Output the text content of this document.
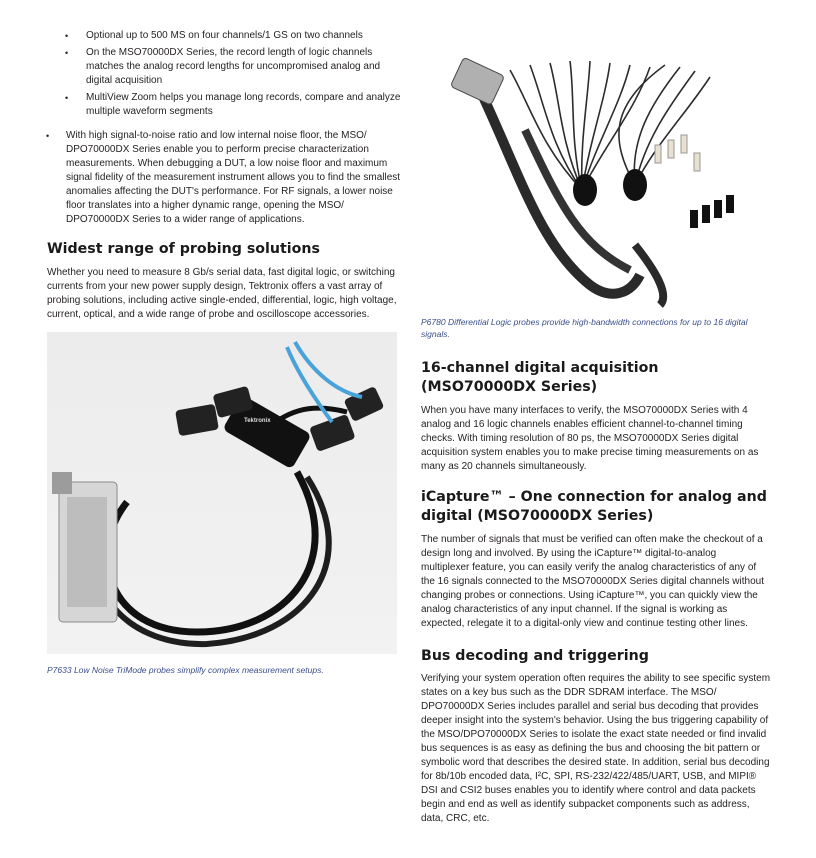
• Optional up to 500 MS on four channels/1 GS on two channels
• On the MSO70000DX Series, the record length of logic channels matches the analog record lengths for uncompromised analog and digital acquisition
• MultiView Zoom helps you manage long records, compare and analyze multiple waveform segments
• With high signal-to-noise ratio and low internal noise floor, the MSO/ DPO70000DX Series enable you to perform precise characterization measurements. When debugging a DUT, a low noise floor and maximum signal fidelity of the measurement instrument allows you to find the smallest anomalies affecting the DUT's performance. For RF signals, a lower noise floor translates into a higher dynamic range, opening the MSO/ DPO70000DX Series to a wider range of applications.
Widest range of probing solutions
Whether you need to measure 8 Gb/s serial data, fast digital logic, or switching currents from your new power supply design, Tektronix offers a vast array of probing solutions, including active single-ended, differential, logic, high voltage, current, optical, and a wide range of probe and oscilloscope accessories.
Tektronix
P7633 Low Noise TriMode probes simplify complex measurement setups.
P6780 Differential Logic probes provide high-bandwidth connections for up to 16 digital signals.
16-channel digital acquisition (MSO70000DX Series)
When you have many interfaces to verify, the MSO70000DX Series with 4 analog and 16 logic channels enables efficient channel-to-channel timing checks. With timing resolution of 80 ps, the MSO70000DX Series digital acquisition system enables you to make precise timing measurements on as many as 20 channels simultaneously.
iCapture™ – One connection for analog and digital (MSO70000DX Series)
The number of signals that must be verified can often make the checkout of a design long and involved. By using the iCapture™ digital-to-analog multiplexer feature, you can easily verify the analog characteristics of any of the 16 signals connected to the MSO70000DX Series digital channels without changing probes or connections. Using iCapture™, you can quickly view the analog characteristics of any input channel. If the signal is working as expected, relegate it to a digital-only view and continue testing other lines.
Bus decoding and triggering
Verifying your system operation often requires the ability to see specific system states on a key bus such as the DDR SDRAM interface. The MSO/ DPO70000DX Series includes parallel and serial bus decoding that provides deeper insight into the system's behavior. Using the bus triggering capability of the MSO/DPO70000DX Series to isolate the exact state needed or find invalid bus sequences is as easy as defining the bus and choosing the bit pattern or symbolic word that describes the desired state. In addition, serial bus decoding for 8b/10b encoded data, I²C, SPI, RS-232/422/485/UART, USB, and MIPI® DSI and CSI2 buses enables you to identify where control and data packets begin and end as well as identify subpacket components such as address, data, CRC, etc.
